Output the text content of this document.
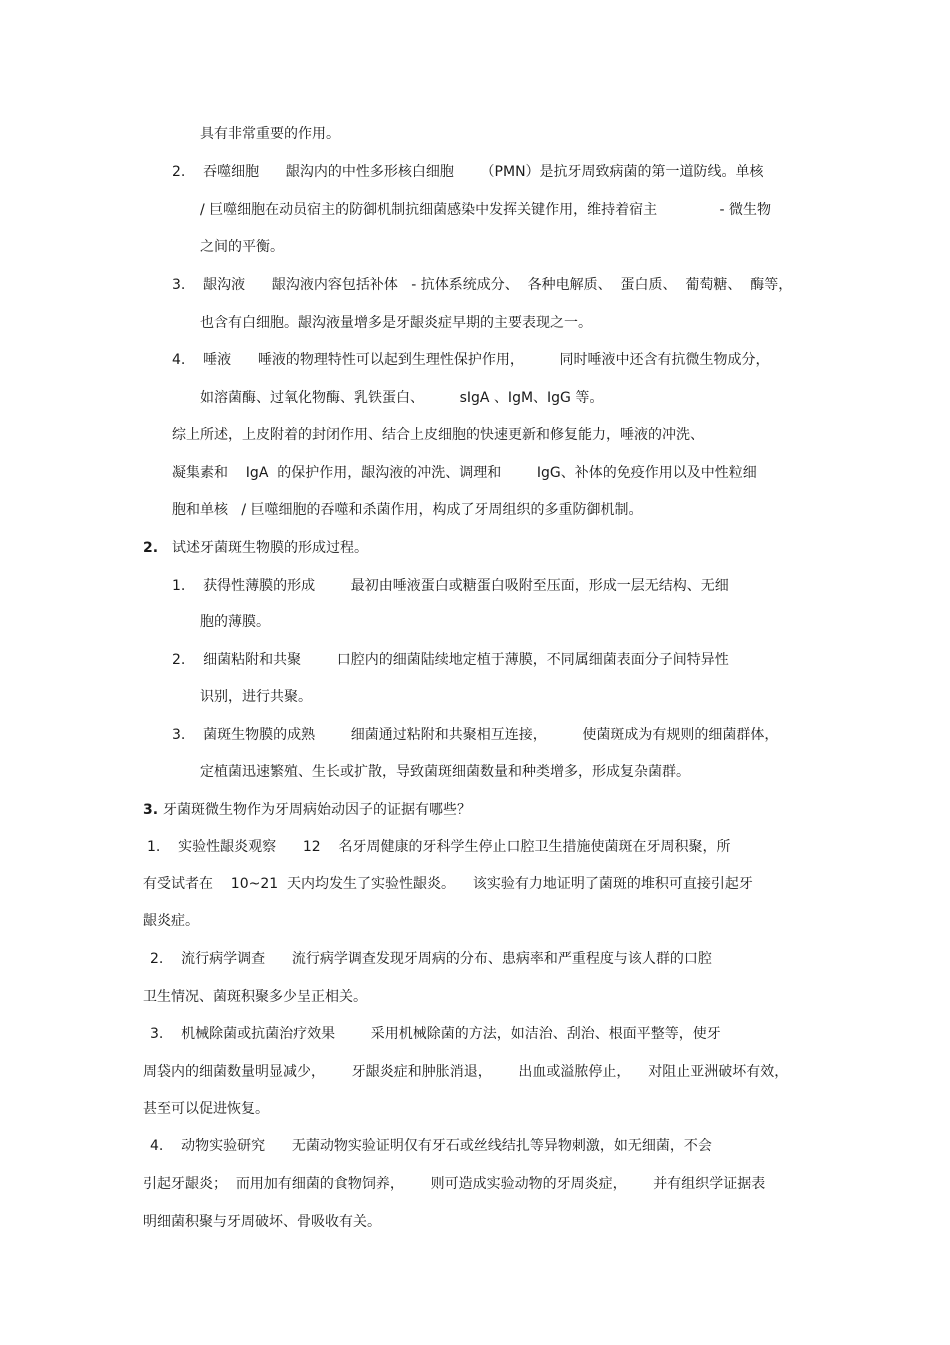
具有非常重要的作用。
2.    吞噬细胞      龈沟内的中性多形核白细胞      （PMN）是抗牙周致病菌的第一道防线。单核
/ 巨噬细胞在动员宿主的防御机制抗细菌感染中发挥关键作用，维持着宿主              - 微生物
之间的平衡。
3.    龈沟液      龈沟液内容包括补体   - 抗体系统成分、  各种电解质、  蛋白质、  葡萄糖、  酶等，
也含有白细胞。龈沟液量增多是牙龈炎症早期的主要表现之一。
4.    唾液      唾液的物理特性可以起到生理性保护作用，        同时唾液中还含有抗微生物成分，
如溶菌酶、过氧化物酶、乳铁蛋白、        sIgA 、IgM、IgG 等。
综上所述，上皮附着的封闭作用、结合上皮细胞的快速更新和修复能力，唾液的冲洗、
凝集素和    IgA  的保护作用，龈沟液的冲洗、调理和        IgG、补体的免疫作用以及中性粒细
胞和单核   / 巨噬细胞的吞噬和杀菌作用，构成了牙周组织的多重防御机制。
2. 试述牙菌斑生物膜的形成过程。
1.    获得性薄膜的形成        最初由唾液蛋白或糖蛋白吸附至压面，形成一层无结构、无细
胞的薄膜。
2.    细菌粘附和共聚        口腔内的细菌陆续地定植于薄膜，不同属细菌表面分子间特异性
识别，进行共聚。
3.    菌斑生物膜的成熟        细菌通过粘附和共聚相互连接，        使菌斑成为有规则的细菌群体，
定植菌迅速繁殖、生长或扩散，导致菌斑细菌数量和种类增多，形成复杂菌群。
3. 牙菌斑微生物作为牙周病始动因子的证据有哪些？
1.    实验性龈炎观察      12    名牙周健康的牙科学生停止口腔卫生措施使菌斑在牙周积聚，所
有受试者在    10~21  天内均发生了实验性龈炎。    该实验有力地证明了菌斑的堆积可直接引起牙
龈炎症。
2.    流行病学调查      流行病学调查发现牙周病的分布、患病率和严重程度与该人群的口腔
卫生情况、菌斑积聚多少呈正相关。
3.    机械除菌或抗菌治疗效果        采用机械除菌的方法，如洁治、刮治、根面平整等，使牙
周袋内的细菌数量明显减少，      牙龈炎症和肿胀消退，      出血或溢脓停止，    对阻止亚洲破坏有效，
甚至可以促进恢复。
4.    动物实验研究      无菌动物实验证明仅有牙石或丝线结扎等异物刺激，如无细菌，不会
引起牙龈炎；  而用加有细菌的食物饲养，      则可造成实验动物的牙周炎症，      并有组织学证据表
明细菌积聚与牙周破坏、骨吸收有关。
